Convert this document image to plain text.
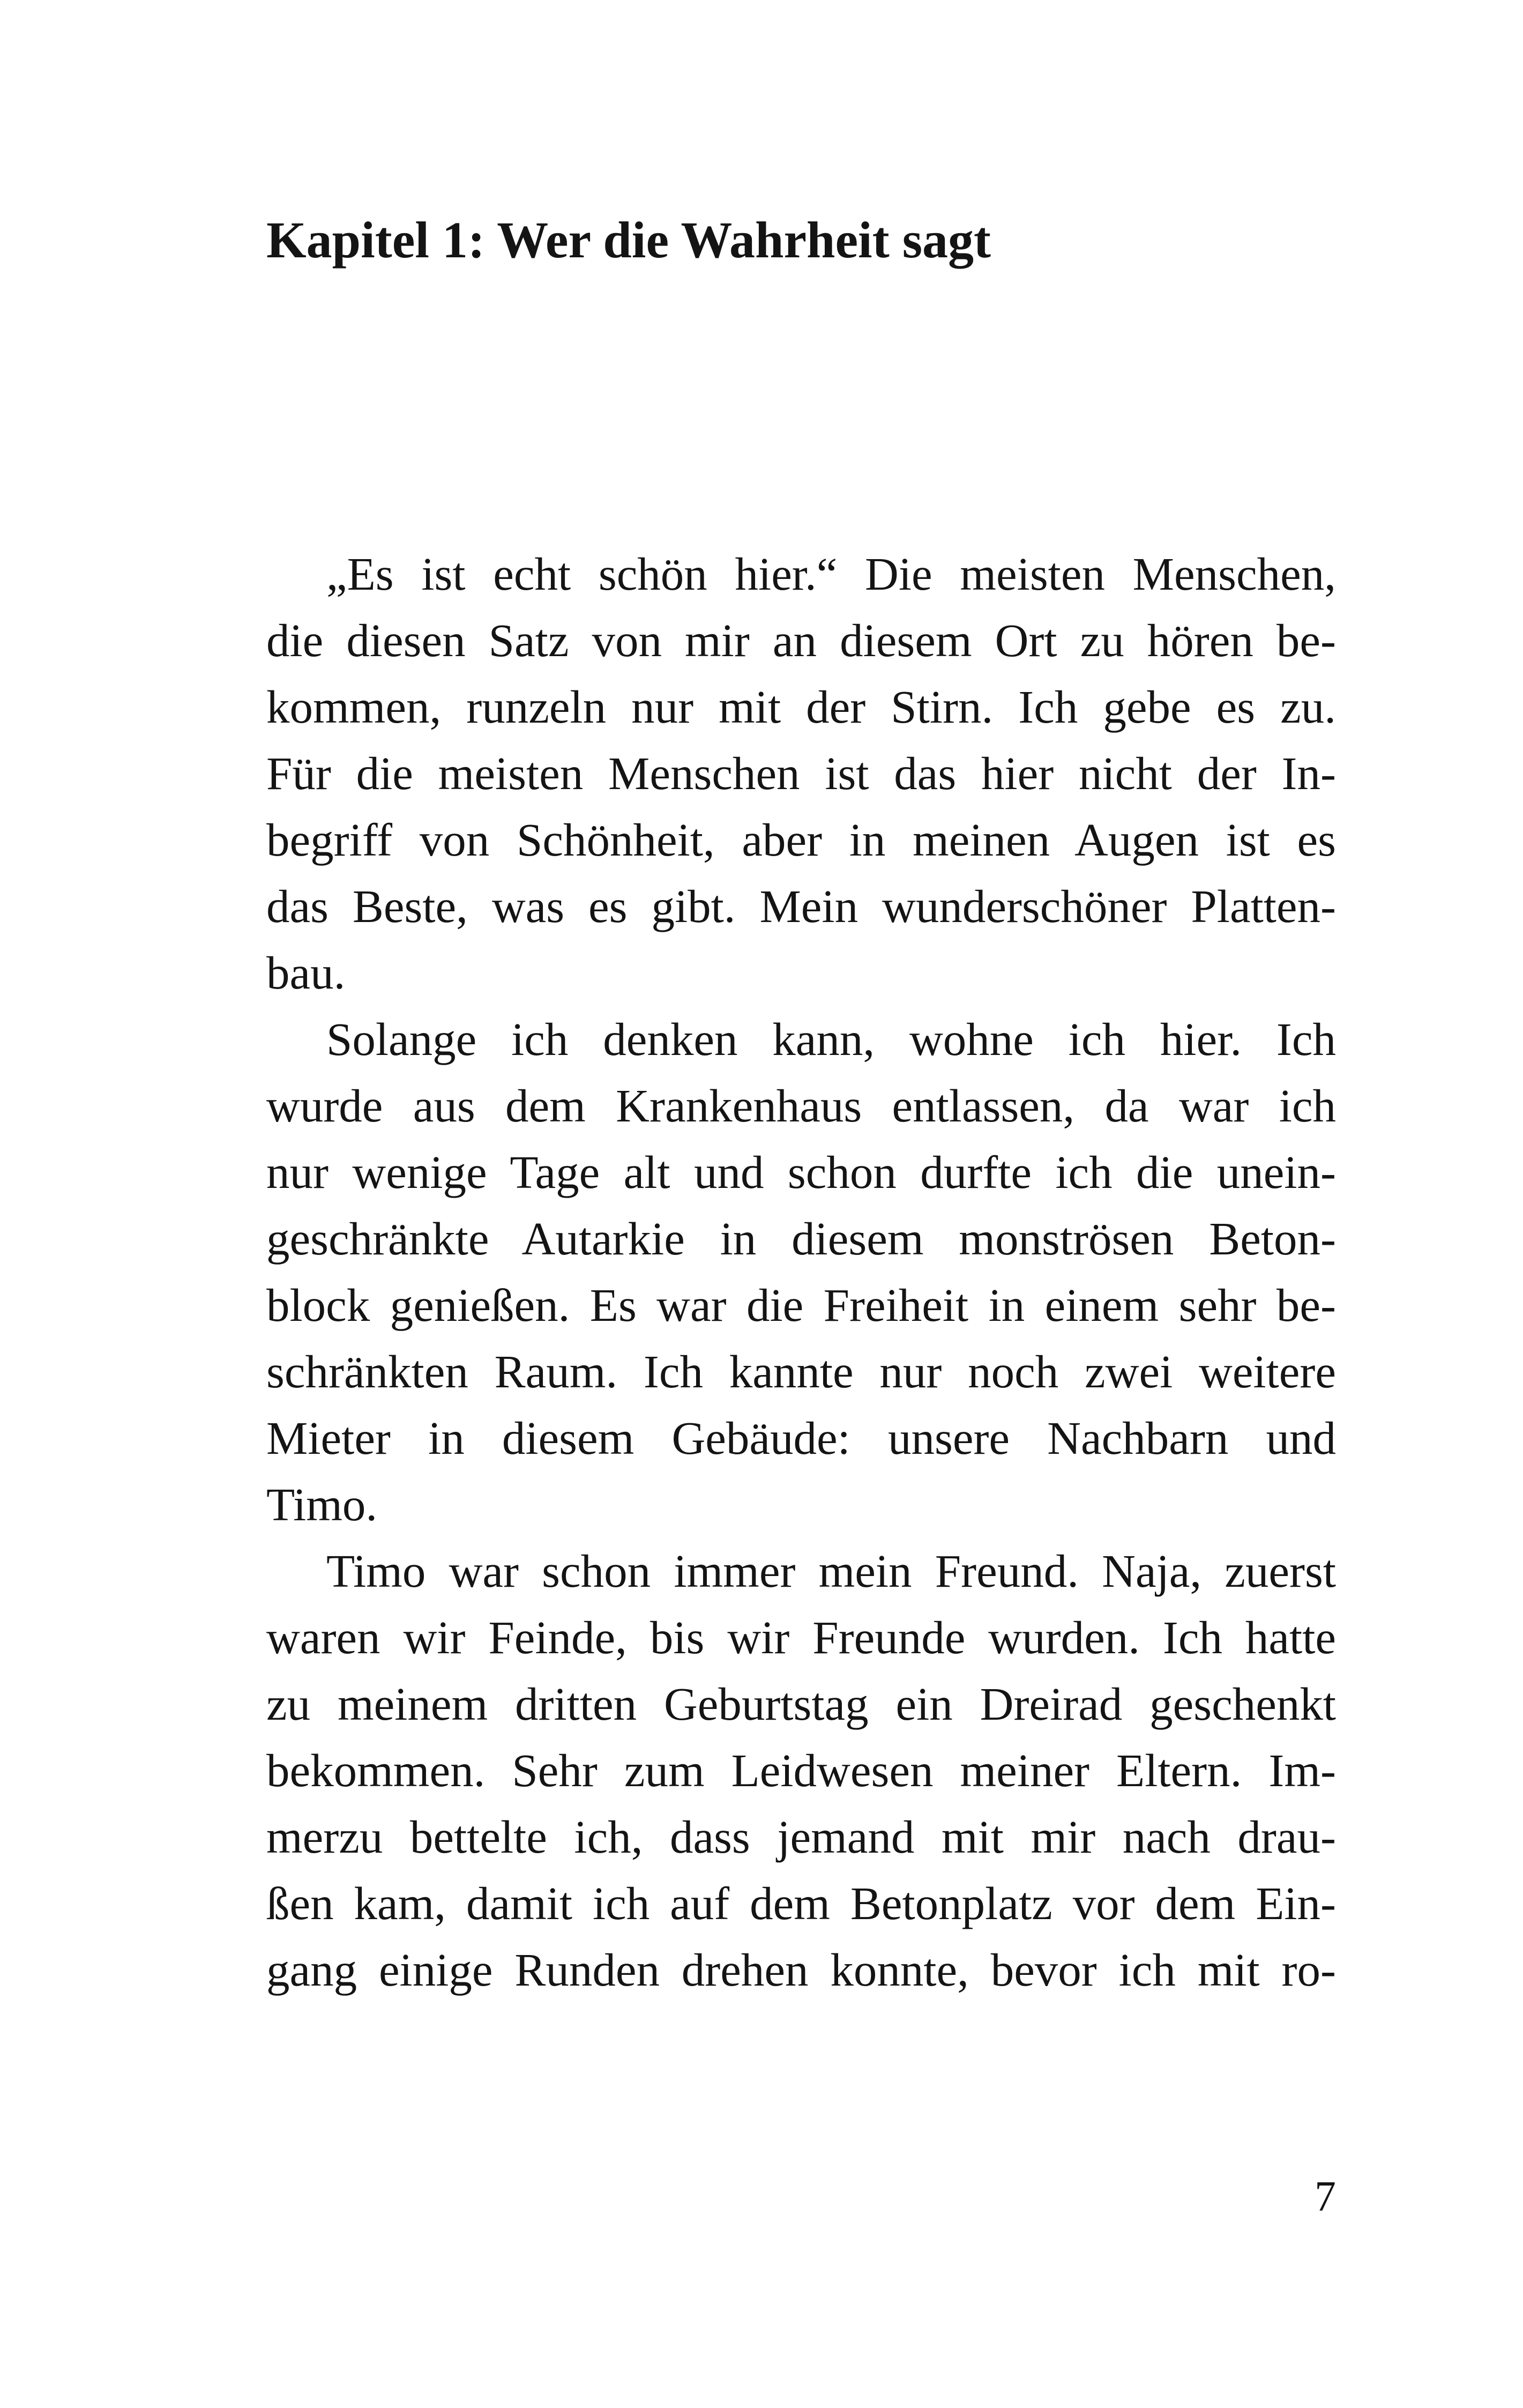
Kapitel 1: Wer die Wahrheit sagt
„Es ist echt schön hier.“ Die meisten Menschen,
die diesen Satz von mir an diesem Ort zu hören be-
kommen, runzeln nur mit der Stirn. Ich gebe es zu.
Für die meisten Menschen ist das hier nicht der In-
begriff von Schönheit, aber in meinen Augen ist es
das Beste, was es gibt. Mein wunderschöner Platten-
bau.
Solange ich denken kann, wohne ich hier. Ich
wurde aus dem Krankenhaus entlassen, da war ich
nur wenige Tage alt und schon durfte ich die unein-
geschränkte Autarkie in diesem monströsen Beton-
block genießen. Es war die Freiheit in einem sehr be-
schränkten Raum. Ich kannte nur noch zwei weitere
Mieter in diesem Gebäude: unsere Nachbarn und
Timo.
Timo war schon immer mein Freund. Naja, zuerst
waren wir Feinde, bis wir Freunde wurden. Ich hatte
zu meinem dritten Geburtstag ein Dreirad geschenkt
bekommen. Sehr zum Leidwesen meiner Eltern. Im-
merzu bettelte ich, dass jemand mit mir nach drau-
ßen kam, damit ich auf dem Betonplatz vor dem Ein-
gang einige Runden drehen konnte, bevor ich mit ro-
7
